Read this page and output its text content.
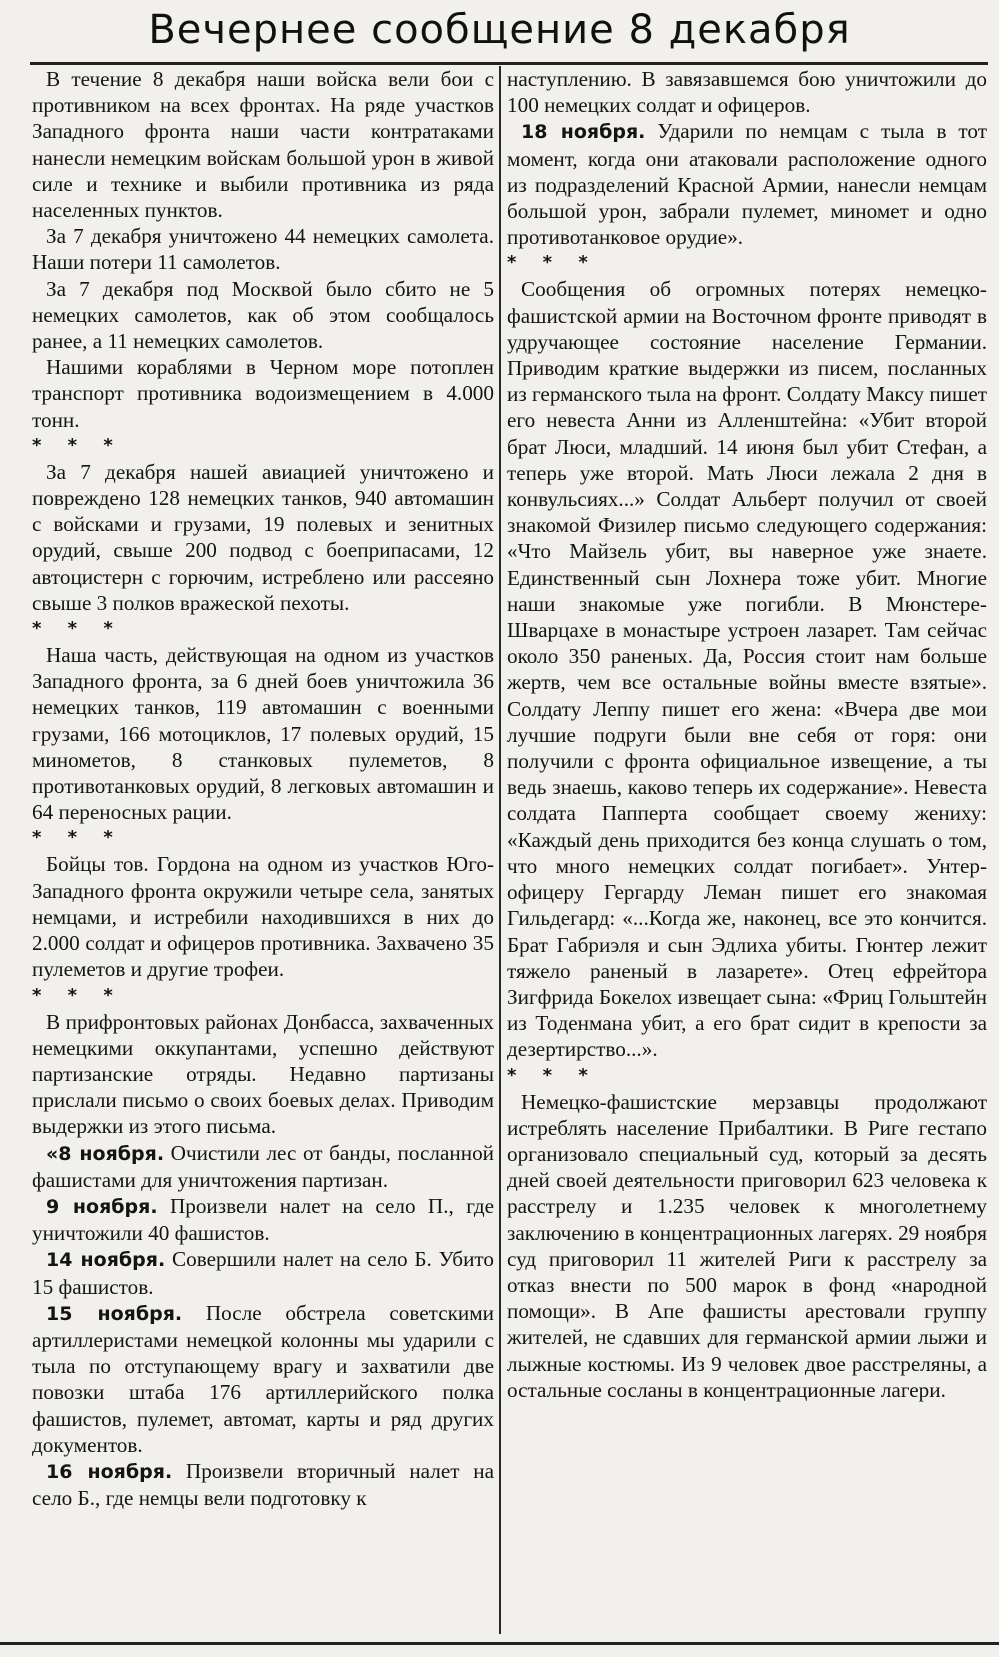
Вечернее сообщение 8 декабря

В течение 8 декабря наши войска вели бои с противником на всех фронтах. На ряде участков Западного фронта наши части контратаками нанесли немецким войскам большой урон в живой силе и технике и выбили противника из ряда населенных пунктов.

За 7 декабря уничтожено 44 немецких самолета. Наши потери 11 самолетов.

За 7 декабря под Москвой было сбито не 5 немецких самолетов, как об этом сообщалось ранее, а 11 немецких самолетов.

Нашими кораблями в Черном море потоплен транспорт противника водоизмещением в 4.000 тонн.

* * *

За 7 декабря нашей авиацией уничтожено и повреждено 128 немецких танков, 940 автомашин с войсками и грузами, 19 полевых и зенитных орудий, свыше 200 подвод с боеприпасами, 12 автоцистерн с горючим, истреблено или рассеяно свыше 3 полков вражеской пехоты.

* * *

Наша часть, действующая на одном из участков Западного фронта, за 6 дней боев уничтожила 36 немецких танков, 119 автомашин с военными грузами, 166 мотоциклов, 17 полевых орудий, 15 минометов, 8 станковых пулеметов, 8 противотанковых орудий, 8 легковых автомашин и 64 переносных рации.

* * *

Бойцы тов. Гордона на одном из участков Юго-Западного фронта окружили четыре села, занятых немцами, и истребили находившихся в них до 2.000 солдат и офицеров противника. Захвачено 35 пулеметов и другие трофеи.

* * *

В прифронтовых районах Донбасса, захваченных немецкими оккупантами, успешно действуют партизанские отряды. Недавно партизаны прислали письмо о своих боевых делах. Приводим выдержки из этого письма.

«8 ноября. Очистили лес от банды, посланной фашистами для уничтожения партизан.

9 ноября. Произвели налет на село П., где уничтожили 40 фашистов.

14 ноября. Совершили налет на село Б. Убито 15 фашистов.

15 ноября. После обстрела советскими артиллеристами немецкой колонны мы ударили с тыла по отступающему врагу и захватили две повозки штаба 176 артиллерийского полка фашистов, пулемет, автомат, карты и ряд других документов.

16 ноября. Произвели вторичный налет на село Б., где немцы вели подготовку к

наступлению. В завязавшемся бою уничтожили до 100 немецких солдат и офицеров.

18 ноября. Ударили по немцам с тыла в тот момент, когда они атаковали расположение одного из подразделений Красной Армии, нанесли немцам большой урон, забрали пулемет, миномет и одно противотанковое орудие».

* * *

Сообщения об огромных потерях немецко-фашистской армии на Восточном фронте приводят в удручающее состояние население Германии. Приводим краткие выдержки из писем, посланных из германского тыла на фронт. Солдату Максу пишет его невеста Анни из Алленштейна: «Убит второй брат Люси, младший. 14 июня был убит Стефан, а теперь уже второй. Мать Люси лежала 2 дня в конвульсиях...» Солдат Альберт получил от своей знакомой Физилер письмо следующего содержания: «Что Майзель убит, вы наверное уже знаете. Единственный сын Лохнера тоже убит. Многие наши знакомые уже погибли. В Мюнстере-Шварцахе в монастыре устроен лазарет. Там сейчас около 350 раненых. Да, Россия стоит нам больше жертв, чем все остальные войны вместе взятые». Солдату Леппу пишет его жена: «Вчера две мои лучшие подруги были вне себя от горя: они получили с фронта официальное извещение, а ты ведь знаешь, каково теперь их содержание». Невеста солдата Папперта сообщает своему жениху: «Каждый день приходится без конца слушать о том, что много немецких солдат погибает». Унтер-офицеру Гергарду Леман пишет его знакомая Гильдегард: «...Когда же, наконец, все это кончится. Брат Габриэля и сын Эдлиха убиты. Гюнтер лежит тяжело раненый в лазарете». Отец ефрейтора Зигфрида Бокелох извещает сына: «Фриц Гольштейн из Toденмана убит, а его брат сидит в крепости за дезертирство...».

* * *

Немецко-фашистские мерзавцы продолжают истреблять население Прибалтики. В Риге гестапо организовало специальный суд, который за десять дней своей деятельности приговорил 623 человека к расстрелу и 1.235 человек к многолетнему заключению в концентрационных лагерях. 29 ноября суд приговорил 11 жителей Риги к расстрелу за отказ внести по 500 марок в фонд «народной помощи». В Апе фашисты арестовали группу жителей, не сдавших для германской армии лыжи и лыжные костюмы. Из 9 человек двое расстреляны, а остальные сосланы в концентрационные лагери.
